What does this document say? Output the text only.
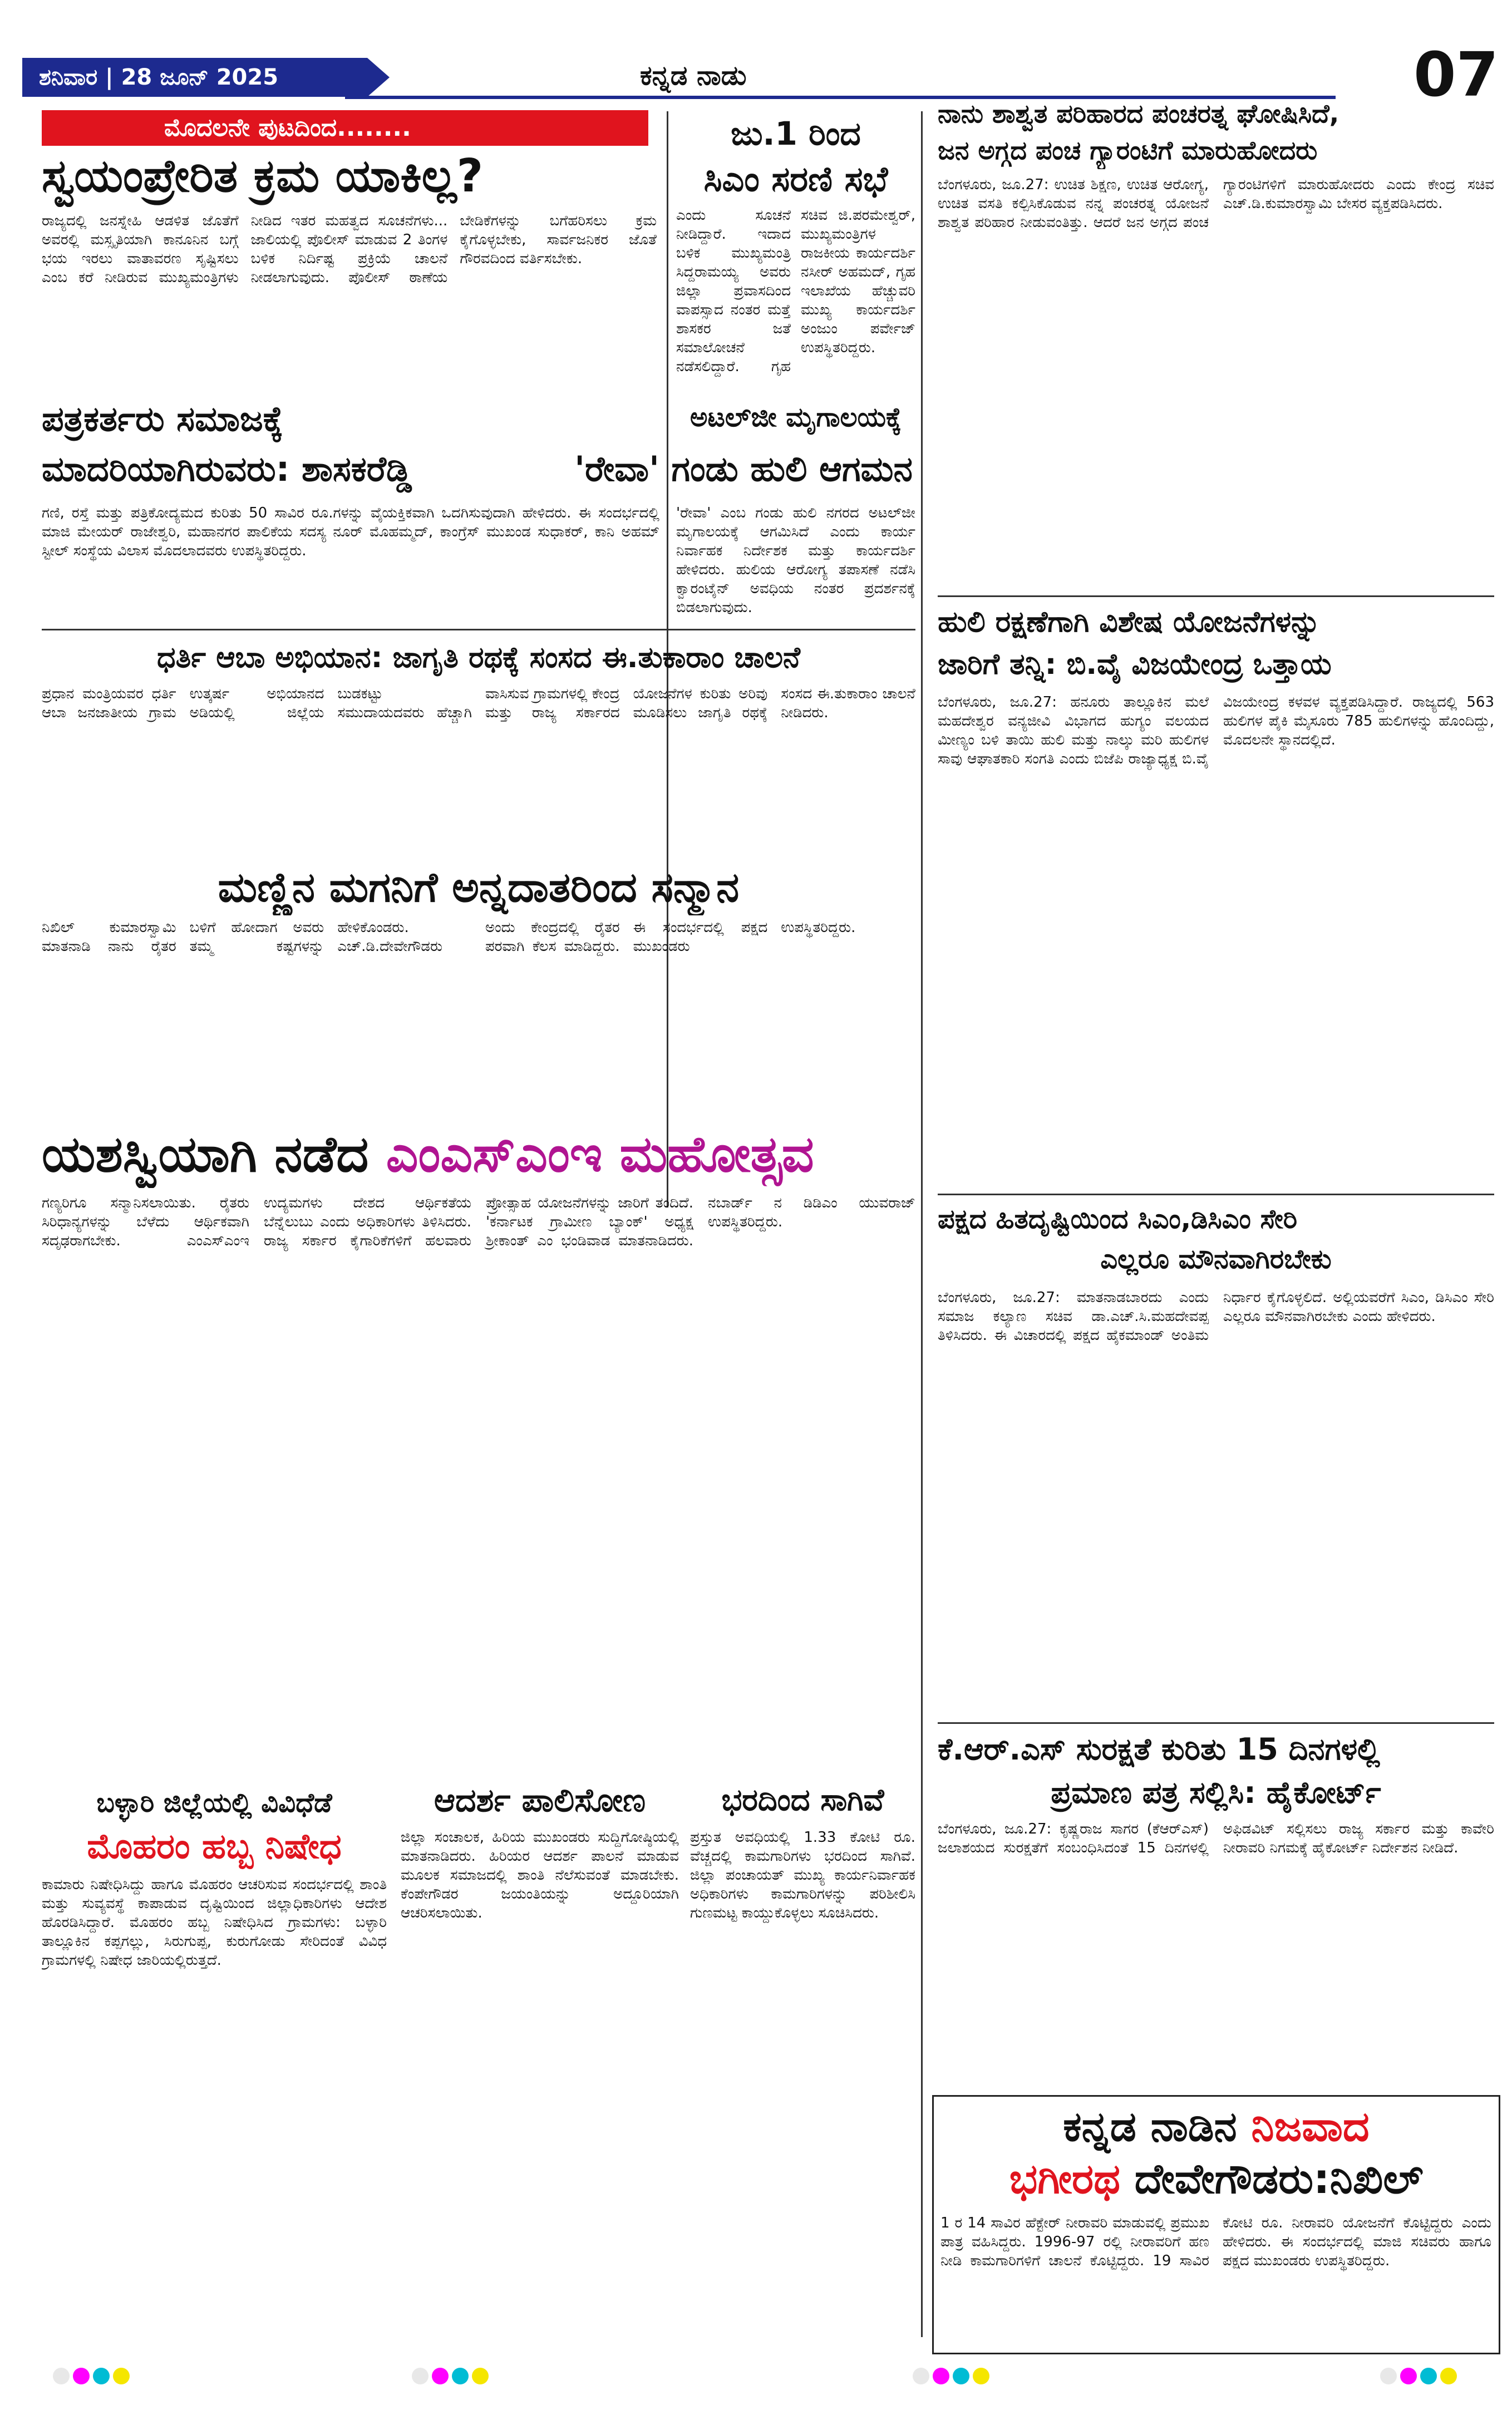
ಶನಿವಾರ | 28 ಜೂನ್ 2025	ಕನ್ನಡ ನಾಡು	07
ಮೊದಲನೇ ಪುಟದಿಂದ........
ಸ್ವಯಂಪ್ರೇರಿತ ಕ್ರಮ ಯಾಕಿಲ್ಲ?

ರಾಜ್ಯದಲ್ಲಿ ಜನಸ್ನೇಹಿ ಆಡಳಿತ ಜೊತೆಗೆ ಅವರಲ್ಲಿ ಮಸ್ಸೃತಿಯಾಗಿ ಕಾನೂನಿನ ಬಗ್ಗೆ ಭಯ ಇರಲು ವಾತಾವರಣ ಸೃಷ್ಟಿಸಲು ಎಂಬ ಕರೆ ನೀಡಿರುವ ಮುಖ್ಯಮಂತ್ರಿಗಳು ನೀಡಿದ ಇತರ ಮಹತ್ವದ ಸೂಚನೆಗಳು... ಜಾಲಿಯಲ್ಲಿ ಪೊಲೀಸ್ ಮಾಡುವ 2 ತಿಂಗಳ ಬಳಿಕ ನಿರ್ದಿಷ್ಟ ಪ್ರಕ್ರಿಯೆ ಚಾಲನೆ ನೀಡಲಾಗುವುದು. ಪೊಲೀಸ್ ಠಾಣೆಯ ಬೇಡಿಕೆಗಳನ್ನು ಬಗೆಹರಿಸಲು ಕ್ರಮ ಕೈಗೊಳ್ಳಬೇಕು, ಸಾರ್ವಜನಿಕರ ಜೊತೆ ಗೌರವದಿಂದ ವರ್ತಿಸಬೇಕು.

ಜು.1 ರಿಂದ
ಸಿಎಂ ಸರಣಿ ಸಭೆ

ಎಂದು ಸೂಚನೆ ನೀಡಿದ್ದಾರೆ. ಇದಾದ ಬಳಿಕ ಮುಖ್ಯಮಂತ್ರಿ ಸಿದ್ದರಾಮಯ್ಯ ಅವರು ಜಿಲ್ಲಾ ಪ್ರವಾಸದಿಂದ ವಾಪಸ್ಸಾದ ನಂತರ ಮತ್ತೆ ಶಾಸಕರ ಜತೆ ಸಮಾಲೋಚನೆ ನಡೆಸಲಿದ್ದಾರೆ. ಗೃಹ ಸಚಿವ ಜಿ.ಪರಮೇಶ್ವರ್, ಮುಖ್ಯಮಂತ್ರಿಗಳ ರಾಜಕೀಯ ಕಾರ್ಯದರ್ಶಿ ನಸೀರ್ ಅಹಮದ್, ಗೃಹ ಇಲಾಖೆಯ ಹೆಚ್ಚುವರಿ ಮುಖ್ಯ ಕಾರ್ಯದರ್ಶಿ ಅಂಜುಂ ಪರ್ವೇಜ್ ಉಪಸ್ಥಿತರಿದ್ದರು.

ಪತ್ರಕರ್ತರು ಸಮಾಜಕ್ಕೆ
ಮಾದರಿಯಾಗಿರುವರು: ಶಾಸಕರೆಡ್ಡಿ

ಗಣಿ, ರಸ್ತೆ ಮತ್ತು ಪತ್ರಿಕೋದ್ಯಮದ ಕುರಿತು 50 ಸಾವಿರ ರೂ.ಗಳನ್ನು ವೈಯಕ್ತಿಕವಾಗಿ ಒದಗಿಸುವುದಾಗಿ ಹೇಳಿದರು. ಈ ಸಂದರ್ಭದಲ್ಲಿ ಮಾಜಿ ಮೇಯರ್ ರಾಜೇಶ್ವರಿ, ಮಹಾನಗರ ಪಾಲಿಕೆಯ ಸದಸ್ಯ ನೂರ್ ಮೊಹಮ್ಮದ್, ಕಾಂಗ್ರೆಸ್ ಮುಖಂಡ ಸುಧಾಕರ್, ಕಾನಿ ಅಹಮ್ ಸ್ಟೀಲ್ ಸಂಸ್ಥೆಯ ವಿಲಾಸ ಮೊದಲಾದವರು ಉಪಸ್ಥಿತರಿದ್ದರು.

ಅಟಲ್‌ಜೀ ಮೃಗಾಲಯಕ್ಕೆ
'ರೇವಾ' ಗಂಡು ಹುಲಿ ಆಗಮನ

'ರೇವಾ' ಎಂಬ ಗಂಡು ಹುಲಿ ನಗರದ ಅಟಲ್‌ಜೀ ಮೃಗಾಲಯಕ್ಕೆ ಆಗಮಿಸಿದೆ ಎಂದು ಕಾರ್ಯ ನಿರ್ವಾಹಕ ನಿರ್ದೇಶಕ ಮತ್ತು ಕಾರ್ಯದರ್ಶಿ ಹೇಳಿದರು. ಹುಲಿಯ ಆರೋಗ್ಯ ತಪಾಸಣೆ ನಡೆಸಿ ಕ್ವಾರಂಟೈನ್ ಅವಧಿಯ ನಂತರ ಪ್ರದರ್ಶನಕ್ಕೆ ಬಿಡಲಾಗುವುದು.

ಧರ್ತಿ ಆಬಾ ಅಭಿಯಾನ: ಜಾಗೃತಿ ರಥಕ್ಕೆ ಸಂಸದ ಈ.ತುಕಾರಾಂ ಚಾಲನೆ

ಪ್ರಧಾನ ಮಂತ್ರಿಯವರ ಧರ್ತಿ ಆಬಾ ಜನಜಾತೀಯ ಗ್ರಾಮ ಉತ್ಕರ್ಷ ಅಭಿಯಾನದ ಅಡಿಯಲ್ಲಿ ಜಿಲ್ಲೆಯ ಬುಡಕಟ್ಟು ಸಮುದಾಯದವರು ಹೆಚ್ಚಾಗಿ ವಾಸಿಸುವ ಗ್ರಾಮಗಳಲ್ಲಿ ಕೇಂದ್ರ ಮತ್ತು ರಾಜ್ಯ ಸರ್ಕಾರದ ಯೋಜನೆಗಳ ಕುರಿತು ಅರಿವು ಮೂಡಿಸಲು ಜಾಗೃತಿ ರಥಕ್ಕೆ ಸಂಸದ ಈ.ತುಕಾರಾಂ ಚಾಲನೆ ನೀಡಿದರು.

ಮಣ್ಣಿನ ಮಗನಿಗೆ ಅನ್ನದಾತರಿಂದ ಸನ್ಮಾನ

ನಿಖಿಲ್ ಕುಮಾರಸ್ವಾಮಿ ಮಾತನಾಡಿ ನಾನು ರೈತರ ಬಳಿಗೆ ಹೋದಾಗ ಅವರು ತಮ್ಮ ಕಷ್ಟಗಳನ್ನು ಹೇಳಿಕೊಂಡರು. ಎಚ್.ಡಿ.ದೇವೇಗೌಡರು ಅಂದು ಕೇಂದ್ರದಲ್ಲಿ ರೈತರ ಪರವಾಗಿ ಕೆಲಸ ಮಾಡಿದ್ದರು. ಈ ಸಂದರ್ಭದಲ್ಲಿ ಪಕ್ಷದ ಮುಖಂಡರು ಉಪಸ್ಥಿತರಿದ್ದರು.

ಯಶಸ್ವಿಯಾಗಿ ನಡೆದ ಎಂಎಸ್‌ಎಂಇ ಮಹೋತ್ಸವ

ಗಣ್ಯರಿಗೂ ಸನ್ಮಾನಿಸಲಾಯಿತು. ರೈತರು ಸಿರಿಧಾನ್ಯಗಳನ್ನು ಬೆಳೆದು ಆರ್ಥಿಕವಾಗಿ ಸದೃಢರಾಗಬೇಕು. ಎಂಎಸ್‌ಎಂಇ ಉದ್ಯಮಗಳು ದೇಶದ ಆರ್ಥಿಕತೆಯ ಬೆನ್ನೆಲುಬು ಎಂದು ಅಧಿಕಾರಿಗಳು ತಿಳಿಸಿದರು. ರಾಜ್ಯ ಸರ್ಕಾರ ಕೈಗಾರಿಕೆಗಳಿಗೆ ಹಲವಾರು ಪ್ರೋತ್ಸಾಹ ಯೋಜನೆಗಳನ್ನು ಜಾರಿಗೆ ತಂದಿದೆ. 'ಕರ್ನಾಟಕ ಗ್ರಾಮೀಣ ಬ್ಯಾಂಕ್' ಅಧ್ಯಕ್ಷ ಶ್ರೀಕಾಂತ್ ಎಂ ಭಂಡಿವಾಡ ಮಾತನಾಡಿದರು. ನಬಾರ್ಡ್ ನ ಡಿಡಿಎಂ ಯುವರಾಜ್ ಉಪಸ್ಥಿತರಿದ್ದರು.

ಬಳ್ಳಾರಿ ಜಿಲ್ಲೆಯಲ್ಲಿ ವಿವಿಧೆಡೆ
ಮೊಹರಂ ಹಬ್ಬ ನಿಷೇಧ

ಕಾಮಾರು ನಿಷೇಧಿಸಿದ್ದು ಹಾಗೂ ಮೊಹರಂ ಆಚರಿಸುವ ಸಂದರ್ಭದಲ್ಲಿ ಶಾಂತಿ ಮತ್ತು ಸುವ್ಯವಸ್ಥೆ ಕಾಪಾಡುವ ದೃಷ್ಟಿಯಿಂದ ಜಿಲ್ಲಾಧಿಕಾರಿಗಳು ಆದೇಶ ಹೊರಡಿಸಿದ್ದಾರೆ. ಮೊಹರಂ ಹಬ್ಬ ನಿಷೇಧಿಸಿದ ಗ್ರಾಮಗಳು: ಬಳ್ಳಾರಿ ತಾಲ್ಲೂಕಿನ ಕಪ್ಪಗಲ್ಲು, ಸಿರುಗುಪ್ಪ, ಕುರುಗೋಡು ಸೇರಿದಂತೆ ವಿವಿಧ ಗ್ರಾಮಗಳಲ್ಲಿ ನಿಷೇಧ ಜಾರಿಯಲ್ಲಿರುತ್ತದೆ.

ಆದರ್ಶ ಪಾಲಿಸೋಣ

ಜಿಲ್ಲಾ ಸಂಚಾಲಕ, ಹಿರಿಯ ಮುಖಂಡರು ಸುದ್ದಿಗೋಷ್ಠಿಯಲ್ಲಿ ಮಾತನಾಡಿದರು. ಹಿರಿಯರ ಆದರ್ಶ ಪಾಲನೆ ಮಾಡುವ ಮೂಲಕ ಸಮಾಜದಲ್ಲಿ ಶಾಂತಿ ನೆಲೆಸುವಂತೆ ಮಾಡಬೇಕು. ಕೆಂಪೇಗೌಡರ ಜಯಂತಿಯನ್ನು ಅದ್ದೂರಿಯಾಗಿ ಆಚರಿಸಲಾಯಿತು.

ಭರದಿಂದ ಸಾಗಿವೆ

ಪ್ರಸ್ತುತ ಅವಧಿಯಲ್ಲಿ 1.33 ಕೋಟಿ ರೂ. ವೆಚ್ಚದಲ್ಲಿ ಕಾಮಗಾರಿಗಳು ಭರದಿಂದ ಸಾಗಿವೆ. ಜಿಲ್ಲಾ ಪಂಚಾಯತ್ ಮುಖ್ಯ ಕಾರ್ಯನಿರ್ವಾಹಕ ಅಧಿಕಾರಿಗಳು ಕಾಮಗಾರಿಗಳನ್ನು ಪರಿಶೀಲಿಸಿ ಗುಣಮಟ್ಟ ಕಾಯ್ದುಕೊಳ್ಳಲು ಸೂಚಿಸಿದರು.

ನಾನು ಶಾಶ್ವತ ಪರಿಹಾರದ ಪಂಚರತ್ನ ಘೋಷಿಸಿದೆ,
ಜನ ಅಗ್ಗದ ಪಂಚ ಗ್ಯಾರಂಟಿಗೆ ಮಾರುಹೋದರು

ಬೆಂಗಳೂರು, ಜೂ.27: ಉಚಿತ ಶಿಕ್ಷಣ, ಉಚಿತ ಆರೋಗ್ಯ, ಉಚಿತ ವಸತಿ ಕಲ್ಪಿಸಿಕೊಡುವ ನನ್ನ ಪಂಚರತ್ನ ಯೋಜನೆ ಶಾಶ್ವತ ಪರಿಹಾರ ನೀಡುವಂತಿತ್ತು. ಆದರೆ ಜನ ಅಗ್ಗದ ಪಂಚ ಗ್ಯಾರಂಟಿಗಳಿಗೆ ಮಾರುಹೋದರು ಎಂದು ಕೇಂದ್ರ ಸಚಿವ ಎಚ್.ಡಿ.ಕುಮಾರಸ್ವಾಮಿ ಬೇಸರ ವ್ಯಕ್ತಪಡಿಸಿದರು.

ಹುಲಿ ರಕ್ಷಣೆಗಾಗಿ ವಿಶೇಷ ಯೋಜನೆಗಳನ್ನು
ಜಾರಿಗೆ ತನ್ನಿ: ಬಿ.ವೈ ವಿಜಯೇಂದ್ರ ಒತ್ತಾಯ

ಬೆಂಗಳೂರು, ಜೂ.27: ಹನೂರು ತಾಲ್ಲೂಕಿನ ಮಲೆ ಮಹದೇಶ್ವರ ವನ್ಯಜೀವಿ ವಿಭಾಗದ ಹುಗ್ಯಂ ವಲಯದ ಮೀಣ್ಯಂ ಬಳಿ ತಾಯಿ ಹುಲಿ ಮತ್ತು ನಾಲ್ಕು ಮರಿ ಹುಲಿಗಳ ಸಾವು ಆಘಾತಕಾರಿ ಸಂಗತಿ ಎಂದು ಬಿಜೆಪಿ ರಾಜ್ಯಾಧ್ಯಕ್ಷ ಬಿ.ವೈ ವಿಜಯೇಂದ್ರ ಕಳವಳ ವ್ಯಕ್ತಪಡಿಸಿದ್ದಾರೆ. ರಾಜ್ಯದಲ್ಲಿ 563 ಹುಲಿಗಳ ಪೈಕಿ ಮೈಸೂರು 785 ಹುಲಿಗಳನ್ನು ಹೊಂದಿದ್ದು, ಮೊದಲನೇ ಸ್ಥಾನದಲ್ಲಿದೆ.

ಪಕ್ಷದ ಹಿತದೃಷ್ಟಿಯಿಂದ ಸಿಎಂ,ಡಿಸಿಎಂ ಸೇರಿ
ಎಲ್ಲರೂ ಮೌನವಾಗಿರಬೇಕು

ಬೆಂಗಳೂರು, ಜೂ.27: ಮಾತನಾಡಬಾರದು ಎಂದು ಸಮಾಜ ಕಲ್ಯಾಣ ಸಚಿವ ಡಾ.ಎಚ್.ಸಿ.ಮಹದೇವಪ್ಪ ತಿಳಿಸಿದರು. ಈ ವಿಚಾರದಲ್ಲಿ ಪಕ್ಷದ ಹೈಕಮಾಂಡ್ ಅಂತಿಮ ನಿರ್ಧಾರ ಕೈಗೊಳ್ಳಲಿದೆ. ಅಲ್ಲಿಯವರೆಗೆ ಸಿಎಂ, ಡಿಸಿಎಂ ಸೇರಿ ಎಲ್ಲರೂ ಮೌನವಾಗಿರಬೇಕು ಎಂದು ಹೇಳಿದರು.

ಕೆ.ಆರ್.ಎಸ್ ಸುರಕ್ಷತೆ ಕುರಿತು 15 ದಿನಗಳಲ್ಲಿ
ಪ್ರಮಾಣ ಪತ್ರ ಸಲ್ಲಿಸಿ: ಹೈಕೋರ್ಟ್

ಬೆಂಗಳೂರು, ಜೂ.27: ಕೃಷ್ಣರಾಜ ಸಾಗರ (ಕೆಆರ್‌ಎಸ್) ಜಲಾಶಯದ ಸುರಕ್ಷತೆಗೆ ಸಂಬಂಧಿಸಿದಂತೆ 15 ದಿನಗಳಲ್ಲಿ ಅಫಿಡವಿಟ್ ಸಲ್ಲಿಸಲು ರಾಜ್ಯ ಸರ್ಕಾರ ಮತ್ತು ಕಾವೇರಿ ನೀರಾವರಿ ನಿಗಮಕ್ಕೆ ಹೈಕೋರ್ಟ್ ನಿರ್ದೇಶನ ನೀಡಿದೆ.

ಕನ್ನಡ ನಾಡಿನ ನಿಜವಾದ
ಭಗೀರಥ ದೇವೇಗೌಡರು:ನಿಖಿಲ್

1 ರ 14 ಸಾವಿರ ಹೆಕ್ಟೇರ್ ನೀರಾವರಿ ಮಾಡುವಲ್ಲಿ ಪ್ರಮುಖ ಪಾತ್ರ ವಹಿಸಿದ್ದರು. 1996-97 ರಲ್ಲಿ ನೀರಾವರಿಗೆ ಹಣ ನೀಡಿ ಕಾಮಗಾರಿಗಳಿಗೆ ಚಾಲನೆ ಕೊಟ್ಟಿದ್ದರು. 19 ಸಾವಿರ ಕೋಟಿ ರೂ. ನೀರಾವರಿ ಯೋಜನೆಗೆ ಕೊಟ್ಟಿದ್ದರು ಎಂದು ಹೇಳಿದರು. ಈ ಸಂದರ್ಭದಲ್ಲಿ ಮಾಜಿ ಸಚಿವರು ಹಾಗೂ ಪಕ್ಷದ ಮುಖಂಡರು ಉಪಸ್ಥಿತರಿದ್ದರು.
